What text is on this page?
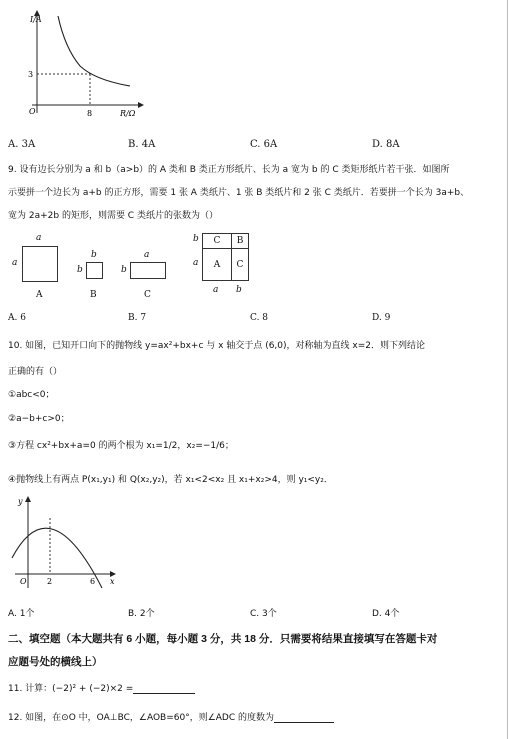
I/A
3
8
O	R/Ω
A. 3A	B. 4A	C. 6A	D. 8A
9. 设有边长分别为 a 和 b（a>b）的 A 类和 B 类正方形纸片、长为 a 宽为 b 的 C 类矩形纸片若干张．如图所
示要拼一个边长为 a+b 的正方形，需要 1 张 A 类纸片、1 张 B 类纸片和 2 张 C 类纸片．若要拼一个长为 3a+b、
宽为 2a+2b 的矩形，则需要 C 类纸片的张数为（）
a
a
A
b
b
B
a
b
C
C	B
A	C
b
a
a b
A. 6	B. 7	C. 8	D. 9
10. 如图，已知开口向下的抛物线 y=ax²+bx+c 与 x 轴交于点 (6,0)，对称轴为直线 x=2．则下列结论
正确的有（）
①abc<0；
②a−b+c>0；
③方程 cx²+bx+a=0 的两个根为 x₁=1/2，x₂=−1/6；
④抛物线上有两点 P(x₁,y₁) 和 Q(x₂,y₂)，若 x₁<2<x₂ 且 x₁+x₂>4，则 y₁<y₂．
y
O	2	6 x
A. 1个	B. 2个	C. 3个	D. 4个
二、填空题（本大题共有 6 小题，每小题 3 分，共 18 分．只需要将结果直接填写在答题卡对
应题号处的横线上）
11. 计算：(−2)² + (−2)×2 =
12. 如图，在⊙O 中，OA⊥BC，∠AOB=60°，则∠ADC 的度数为
